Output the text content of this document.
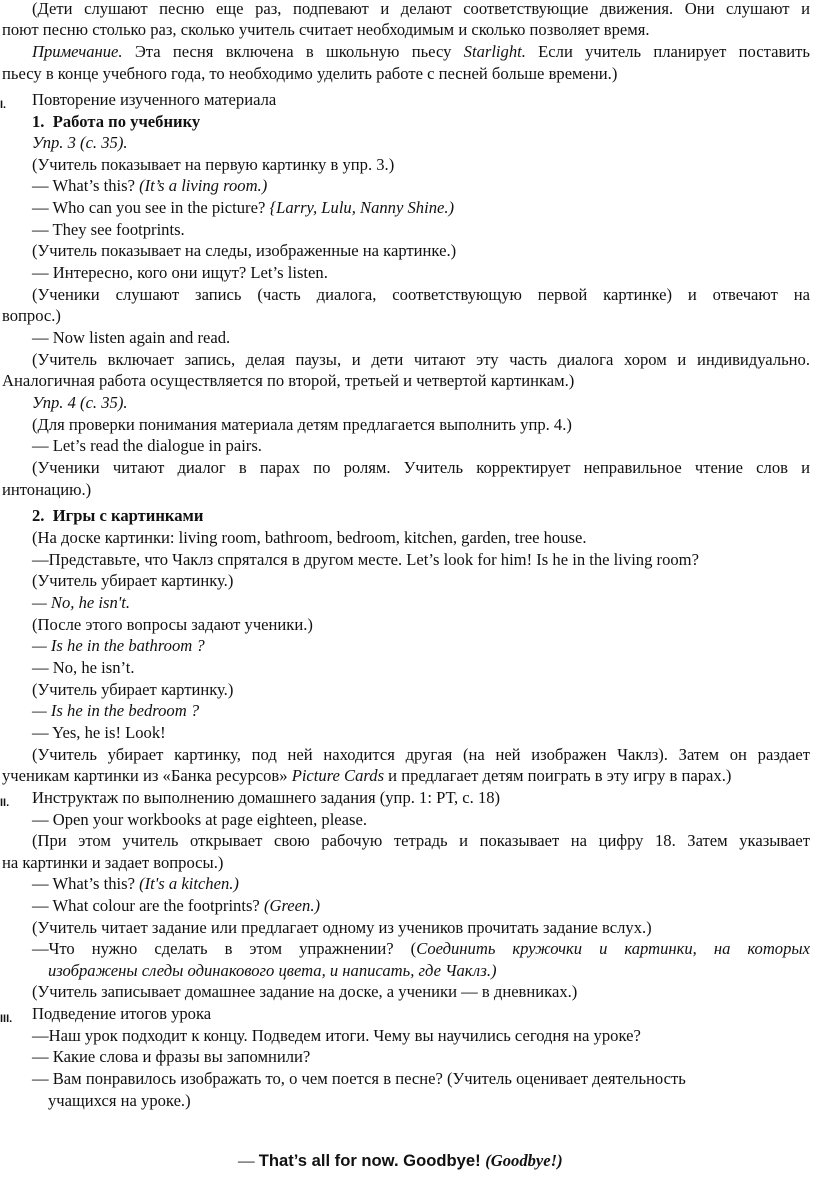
(Дети слушают песню еще раз, подпевают и делают соответствующие движения. Они слушают и
поют песню столько раз, сколько учитель считает необходимым и сколько позволяет время.
Примечание. Эта песня включена в школьную пьесу Starlight. Если учитель планирует поставить
пьесу в конце учебного года, то необходимо уделить работе с песней больше времени.)
I. Повторение изученного материала
1. Работа по учебнику
Упр. 3 (с. 35).
(Учитель показывает на первую картинку в упр. 3.)
— What’s this? (It’s a living room.)
— Who can you see in the picture? {Larry, Lulu, Nanny Shine.)
— They see footprints.
(Учитель показывает на следы, изображенные на картинке.)
— Интересно, кого они ищут? Let’s listen.
(Ученики слушают запись (часть диалога, соответствующую первой картинке) и отвечают на
вопрос.)
— Now listen again and read.
(Учитель включает запись, делая паузы, и дети читают эту часть диалога хором и индивидуально.
Аналогичная работа осуществляется по второй, третьей и четвертой картинкам.)
Упр. 4 (с. 35).
(Для проверки понимания материала детям предлагается выполнить упр. 4.)
— Let’s read the dialogue in pairs.
(Ученики читают диалог в парах по ролям. Учитель корректирует неправильное чтение слов и
интонацию.)
2. Игры с картинками
(На доске картинки: living room, bathroom, bedroom, kitchen, garden, tree house.
—Представьте, что Чаклз спрятался в другом месте. Let’s look for him! Is he in the living room?
(Учитель убирает картинку.)
— No, he isn't.
(После этого вопросы задают ученики.)
— Is he in the bathroom ?
— No, he isn’t.
(Учитель убирает картинку.)
— Is he in the bedroom ?
— Yes, he is! Look!
(Учитель убирает картинку, под ней находится другая (на ней изображен Чаклз). Затем он раздает
ученикам картинки из «Банка ресурсов» Picture Cards и предлагает детям поиграть в эту игру в парах.)
II. Инструктаж по выполнению домашнего задания (упр. 1: РТ, с. 18)
— Open your workbooks at page eighteen, please.
(При этом учитель открывает свою рабочую тетрадь и показывает на цифру 18. Затем указывает
на картинки и задает вопросы.)
— What’s this? (It's a kitchen.)
— What colour are the footprints? (Green.)
(Учитель читает задание или предлагает одному из учеников прочитать задание вслух.)
—Что нужно сделать в этом упражнении? (Соединить кружочки и картинки, на которых
изображены следы одинакового цвета, и написать, где Чаклз.)
(Учитель записывает домашнее задание на доске, а ученики — в дневниках.)
III. Подведение итогов урока
—Наш урок подходит к концу. Подведем итоги. Чему вы научились сегодня на уроке?
— Какие слова и фразы вы запомнили?
— Вам понравилось изображать то, о чем поется в песне? (Учитель оценивает деятельность
учащихся на уроке.)
— That’s all for now. Goodbye! (Goodbye!)
